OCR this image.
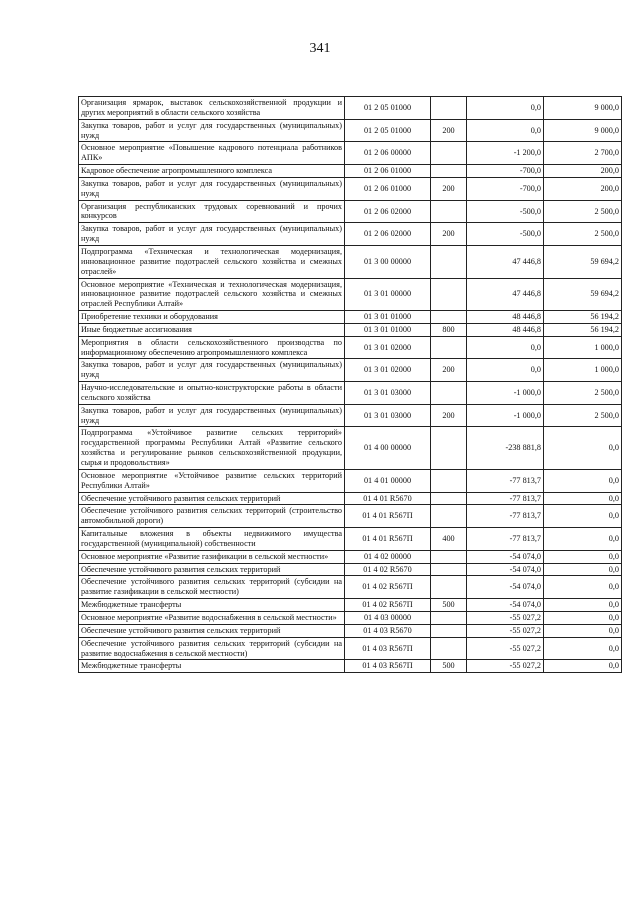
341
Организация ярмарок, выставок сельскохозяйственной продукции и других мероприятий в области сельского хозяйства	01 2 05 01000		0,0	9 000,0
Закупка товаров, работ и услуг для государственных (муниципальных) нужд	01 2 05 01000	200	0,0	9 000,0
Основное мероприятие «Повышение кадрового потенциала работников АПК»	01 2 06 00000		-1 200,0	2 700,0
Кадровое обеспечение агропромышленного комплекса	01 2 06 01000		-700,0	200,0
Закупка товаров, работ и услуг для государственных (муниципальных) нужд	01 2 06 01000	200	-700,0	200,0
Организация республиканских трудовых соревнований и прочих конкурсов	01 2 06 02000		-500,0	2 500,0
Закупка товаров, работ и услуг для государственных (муниципальных) нужд	01 2 06 02000	200	-500,0	2 500,0
Подпрограмма «Техническая и технологическая модернизация, инновационное развитие подотраслей сельского хозяйства и смежных отраслей»	01 3 00 00000		47 446,8	59 694,2
Основное мероприятие «Техническая и технологическая модернизация, инновационное развитие подотраслей сельского хозяйства и смежных отраслей Республики Алтай»	01 3 01 00000		47 446,8	59 694,2
Приобретение техники и оборудования	01 3 01 01000		48 446,8	56 194,2
Иные бюджетные ассигнования	01 3 01 01000	800	48 446,8	56 194,2
Мероприятия в области сельскохозяйственного производства по информационному обеспечению агропромышленного комплекса	01 3 01 02000		0,0	1 000,0
Закупка товаров, работ и услуг для государственных (муниципальных) нужд	01 3 01 02000	200	0,0	1 000,0
Научно-исследовательские и опытно-конструкторские работы в области сельского хозяйства	01 3 01 03000		-1 000,0	2 500,0
Закупка товаров, работ и услуг для государственных (муниципальных) нужд	01 3 01 03000	200	-1 000,0	2 500,0
Подпрограмма «Устойчивое развитие сельских территорий» государственной программы Республики Алтай «Развитие сельского хозяйства и регулирование рынков сельскохозяйственной продукции, сырья и продовольствия»	01 4 00 00000		-238 881,8	0,0
Основное мероприятие «Устойчивое развитие сельских территорий Республики Алтай»	01 4 01 00000		-77 813,7	0,0
Обеспечение устойчивого развития сельских территорий	01 4 01 R5670		-77 813,7	0,0
Обеспечение устойчивого развития сельских территорий (строительство автомобильной дороги)	01 4 01 R567П		-77 813,7	0,0
Капитальные вложения в объекты недвижимого имущества государственной (муниципальной) собственности	01 4 01 R567П	400	-77 813,7	0,0
Основное мероприятие «Развитие газификации в сельской местности»	01 4 02 00000		-54 074,0	0,0
Обеспечение устойчивого развития сельских территорий	01 4 02 R5670		-54 074,0	0,0
Обеспечение устойчивого развития сельских территорий (субсидии на развитие газификации в сельской местности)	01 4 02 R567П		-54 074,0	0,0
Межбюджетные трансферты	01 4 02 R567П	500	-54 074,0	0,0
Основное мероприятие «Развитие водоснабжения в сельской местности»	01 4 03 00000		-55 027,2	0,0
Обеспечение устойчивого развития сельских территорий	01 4 03 R5670		-55 027,2	0,0
Обеспечение устойчивого развития сельских территорий (субсидии на развитие водоснабжения в сельской местности)	01 4 03 R567П		-55 027,2	0,0
Межбюджетные трансферты	01 4 03 R567П	500	-55 027,2	0,0
